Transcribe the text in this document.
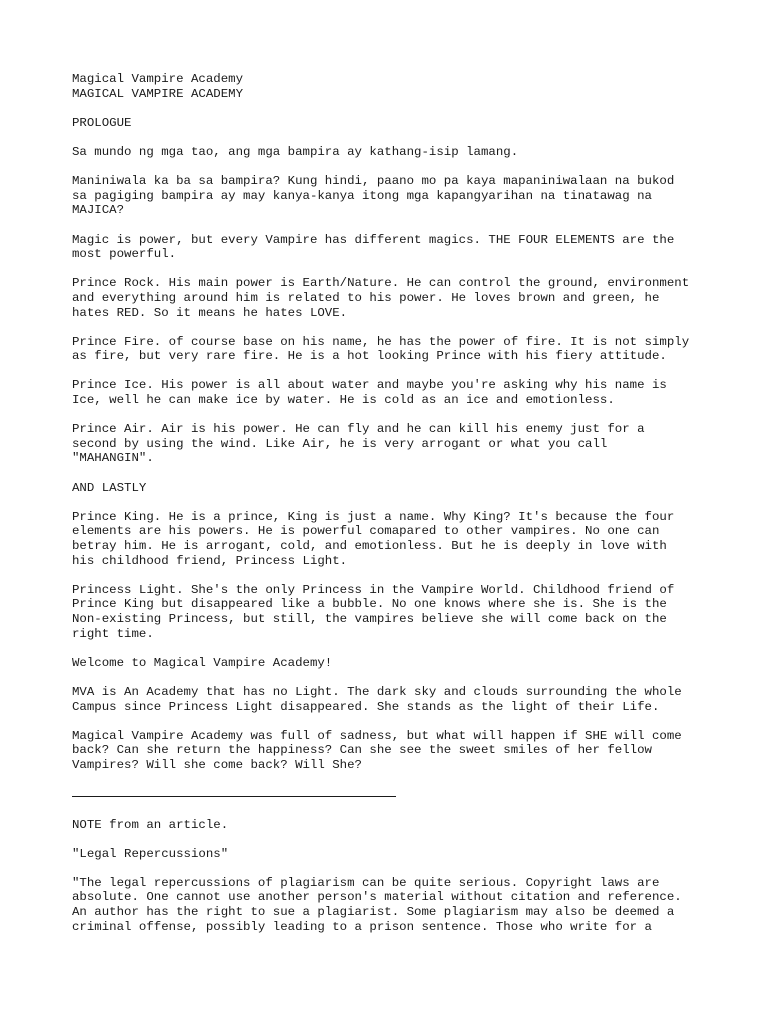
Magical Vampire Academy
MAGICAL VAMPIRE ACADEMY
PROLOGUE
Sa mundo ng mga tao, ang mga bampira ay kathang-isip lamang.
Maniniwala ka ba sa bampira? Kung hindi, paano mo pa kaya mapaniniwalaan na bukod
sa pagiging bampira ay may kanya-kanya itong mga kapangyarihan na tinatawag na
MAJICA?
Magic is power, but every Vampire has different magics. THE FOUR ELEMENTS are the
most powerful.
Prince Rock. His main power is Earth/Nature. He can control the ground, environment
and everything around him is related to his power. He loves brown and green, he
hates RED. So it means he hates LOVE.
Prince Fire. of course base on his name, he has the power of fire. It is not simply
as fire, but very rare fire. He is a hot looking Prince with his fiery attitude.
Prince Ice. His power is all about water and maybe you're asking why his name is
Ice, well he can make ice by water. He is cold as an ice and emotionless.
Prince Air. Air is his power. He can fly and he can kill his enemy just for a
second by using the wind. Like Air, he is very arrogant or what you call
"MAHANGIN".
AND LASTLY
Prince King. He is a prince, King is just a name. Why King? It's because the four
elements are his powers. He is powerful comapared to other vampires. No one can
betray him. He is arrogant, cold, and emotionless. But he is deeply in love with
his childhood friend, Princess Light.
Princess Light. She's the only Princess in the Vampire World. Childhood friend of
Prince King but disappeared like a bubble. No one knows where she is. She is the
Non-existing Princess, but still, the vampires believe she will come back on the
right time.
Welcome to Magical Vampire Academy!
MVA is An Academy that has no Light. The dark sky and clouds surrounding the whole
Campus since Princess Light disappeared. She stands as the light of their Life.
Magical Vampire Academy was full of sadness, but what will happen if SHE will come
back? Can she return the happiness? Can she see the sweet smiles of her fellow
Vampires? Will she come back? Will She?
NOTE from an article.
"Legal Repercussions"
"The legal repercussions of plagiarism can be quite serious. Copyright laws are
absolute. One cannot use another person's material without citation and reference.
An author has the right to sue a plagiarist. Some plagiarism may also be deemed a
criminal offense, possibly leading to a prison sentence. Those who write for a
